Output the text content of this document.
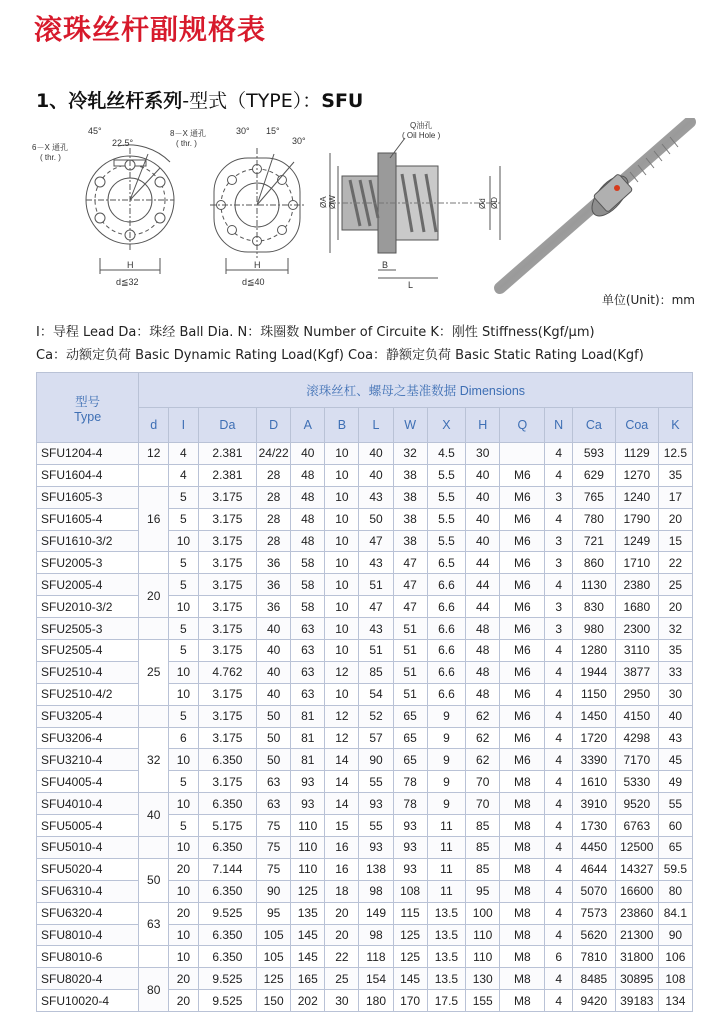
滚珠丝杆副规格表
1、冷轧丝杆系列-型式（TYPE）：SFU
45°
22.5°
6－X 通孔
( thr. )
H
d≦32
30° 15°
30°
8－X 通孔
( thr. )
H
d≦40
Q油孔
( Oil Hole )
ØA ØW	Ød ØD
B
L
单位(Unit)：mm
I：导程 Lead Da：珠经 Ball Dia. N：珠圈数 Number of Circuite K：刚性 Stiffness(Kgf/μm)
Ca：动额定负荷 Basic Dynamic Rating Load(Kgf) Coa：静额定负荷 Basic Static Rating Load(Kgf)
型号
Type	滚珠丝杠、螺母之基准数据 Dimensions														
	d	I	Da	D	A	B	L	W	X	H	Q	N	Ca	Coa	K
SFU1204-4	12	4	2.381	24/22	40	10	40	32	4.5	30		4	593	1129	12.5
SFU1604-4		4	2.381	28	48	10	40	38	5.5	40	M6	4	629	1270	35
SFU1605-3	16	5	3.175	28	48	10	43	38	5.5	40	M6	3	765	1240	17
SFU1605-4		5	3.175	28	48	10	50	38	5.5	40	M6	4	780	1790	20
SFU1610-3/2		10	3.175	28	48	10	47	38	5.5	40	M6	3	721	1249	15
SFU2005-3		5	3.175	36	58	10	43	47	6.5	44	M6	3	860	1710	22
SFU2005-4	20	5	3.175	36	58	10	51	47	6.6	44	M6	4	1130	2380	25
SFU2010-3/2		10	3.175	36	58	10	47	47	6.6	44	M6	3	830	1680	20
SFU2505-3		5	3.175	40	63	10	43	51	6.6	48	M6	3	980	2300	32
SFU2505-4	25	5	3.175	40	63	10	51	51	6.6	48	M6	4	1280	3110	35
SFU2510-4		10	4.762	40	63	12	85	51	6.6	48	M6	4	1944	3877	33
SFU2510-4/2		10	3.175	40	63	10	54	51	6.6	48	M6	4	1150	2950	30
SFU3205-4		5	3.175	50	81	12	52	65	9	62	M6	4	1450	4150	40
SFU3206-4	32	6	3.175	50	81	12	57	65	9	62	M6	4	1720	4298	43
SFU3210-4		10	6.350	50	81	14	90	65	9	62	M6	4	3390	7170	45
SFU4005-4		5	3.175	63	93	14	55	78	9	70	M8	4	1610	5330	49
SFU4010-4	40	10	6.350	63	93	14	93	78	9	70	M8	4	3910	9520	55
SFU5005-4		5	5.175	75	110	15	55	93	11	85	M8	4	1730	6763	60
SFU5010-4		10	6.350	75	110	16	93	93	11	85	M8	4	4450	12500	65
SFU5020-4	50	20	7.144	75	110	16	138	93	11	85	M8	4	4644	14327	59.5
SFU6310-4		10	6.350	90	125	18	98	108	11	95	M8	4	5070	16600	80
SFU6320-4	63	20	9.525	95	135	20	149	115	13.5	100	M8	4	7573	23860	84.1
SFU8010-4		10	6.350	105	145	20	98	125	13.5	110	M8	4	5620	21300	90
SFU8010-6		10	6.350	105	145	22	118	125	13.5	110	M8	6	7810	31800	106
SFU8020-4	80	20	9.525	125	165	25	154	145	13.5	130	M8	4	8485	30895	108
SFU10020-4		20	9.525	150	202	30	180	170	17.5	155	M8	4	9420	39183	134
